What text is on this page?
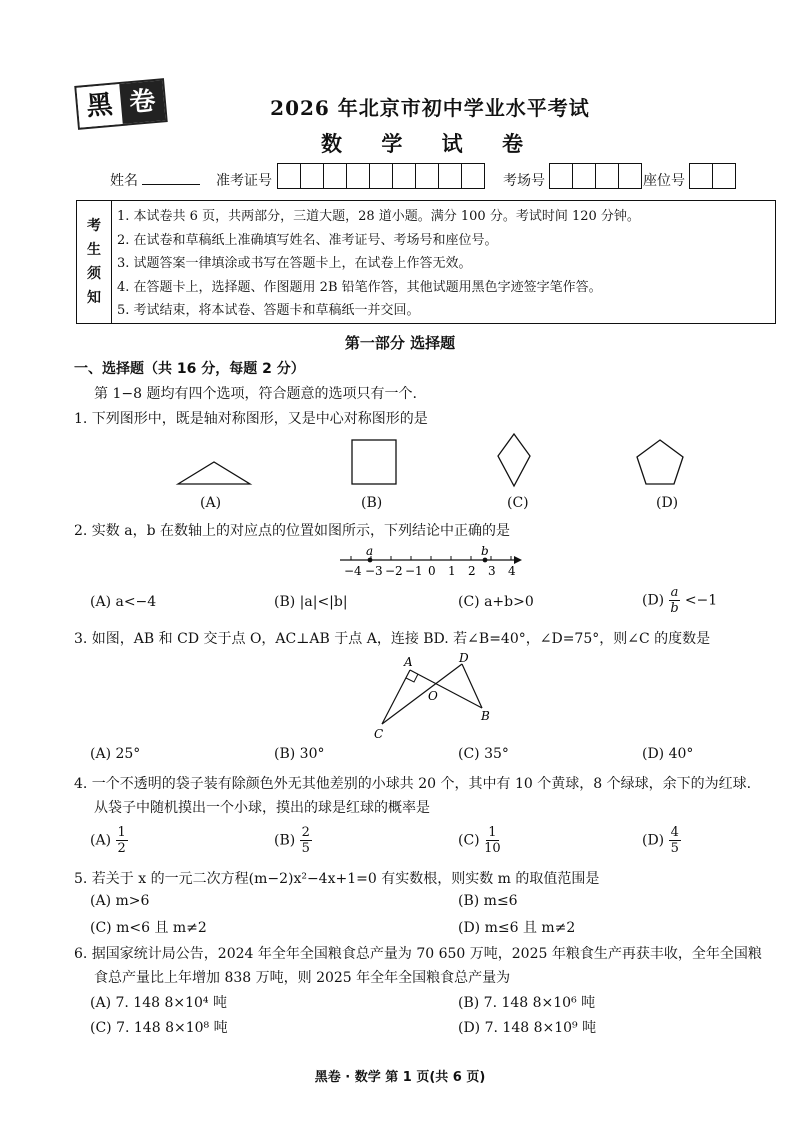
黑 卷	2026 年北京市初中学业水平考试
数 学 试 卷
姓名	准考证号	考场号	座位号
考
生
须
知
1. 本试卷共 6 页，共两部分，三道大题，28 道小题。满分 100 分。考试时间 120 分钟。
2. 在试卷和草稿纸上准确填写姓名、准考证号、考场号和座位号。
3. 试题答案一律填涂或书写在答题卡上，在试卷上作答无效。
4. 在答题卡上，选择题、作图题用 2B 铅笔作答，其他试题用黑色字迹签字笔作答。
5. 考试结束，将本试卷、答题卡和草稿纸一并交回。
第一部分 选择题
一、选择题（共 16 分，每题 2 分）
第 1−8 题均有四个选项，符合题意的选项只有一个.
1. 下列图形中，既是轴对称图形，又是中心对称图形的是
(A)	(B)	(C)	(D)
2. 实数 a，b 在数轴上的对应点的位置如图所示，下列结论中正确的是
a	b
−4 −3 −2 −1 0 1 2 3 4
(A) a<−4	(B) |a|<|b|	(C) a+b>0	$(D) \frac{a}{b} <-1$
3. 如图，AB 和 CD 交于点 O，AC⊥AB 于点 A，连接 BD. 若∠B=40°，∠D=75°，则∠C 的度数是
A	D
O
B
C
(A) 25°	(B) 30°	(C) 35°	(D) 40°
4. 一个不透明的袋子装有除颜色外无其他差别的小球共 20 个，其中有 10 个黄球，8 个绿球，余下的为红球.
从袋子中随机摸出一个小球，摸出的球是红球的概率是
$(A) \frac{1}{2}$	$(B) \frac{2}{5}$	$(C) \frac{1}{10}$	$(D) \frac{4}{5}$
5. 若关于 x 的一元二次方程(m−2)x²−4x+1=0 有实数根，则实数 m 的取值范围是
(A) m>6	(B) m≤6
(C) m<6 且 m≠2	(D) m≤6 且 m≠2
6. 据国家统计局公告，2024 年全年全国粮食总产量为 70 650 万吨，2025 年粮食生产再获丰收，全年全国粮
食总产量比上年增加 838 万吨，则 2025 年全年全国粮食总产量为
(A) 7. 148 8×10⁴ 吨	(B) 7. 148 8×10⁶ 吨
(C) 7. 148 8×10⁸ 吨	(D) 7. 148 8×10⁹ 吨
黑卷 · 数学 第 1 页(共 6 页)
